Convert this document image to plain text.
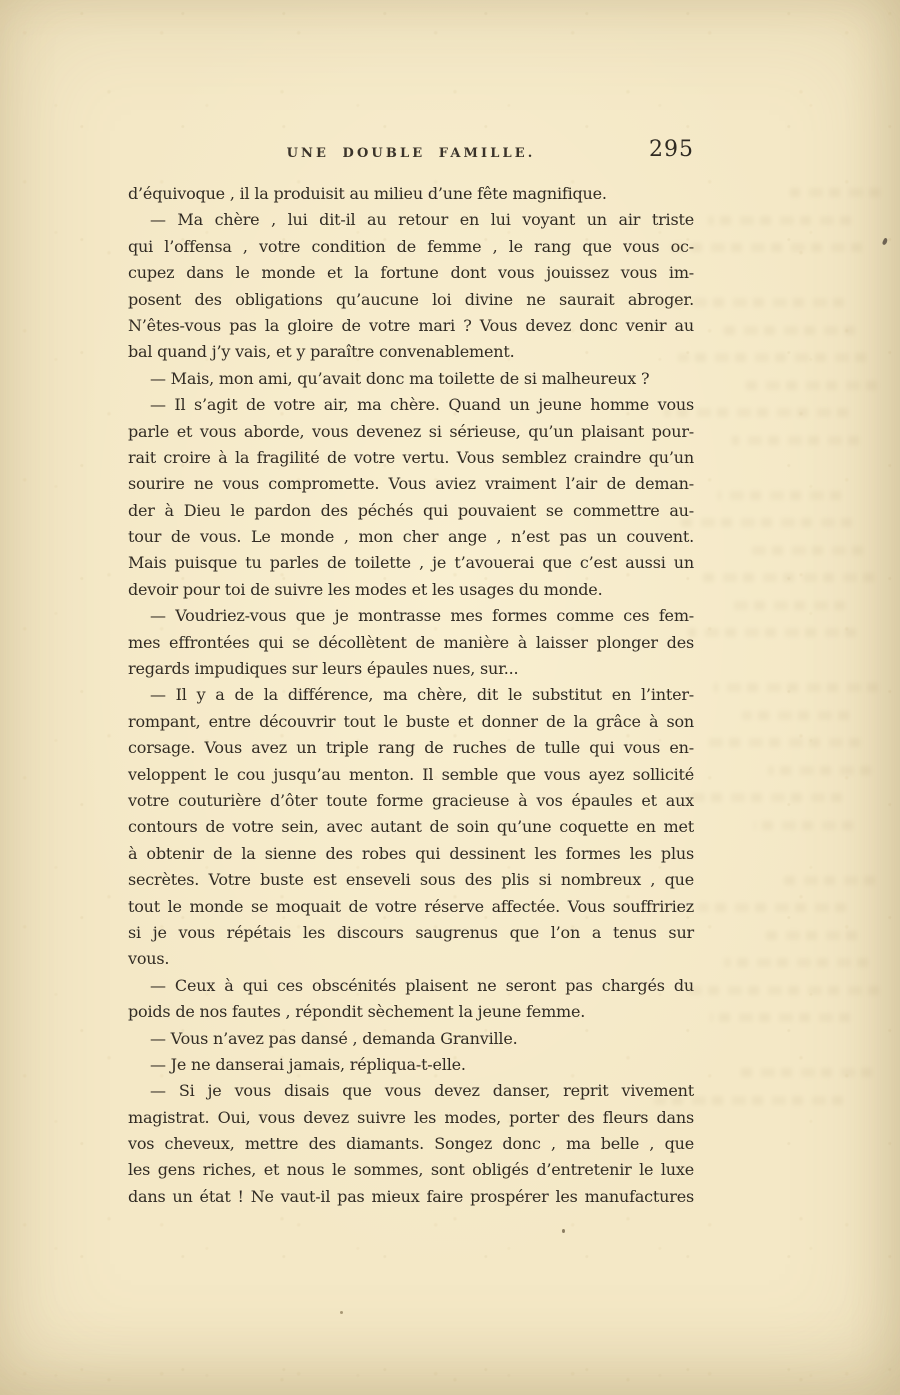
UNE DOUBLE FAMILLE.	295
d’équivoque , il la produisit au milieu d’une fête magnifique.
— Ma chère , lui dit-il au retour en lui voyant un air triste
qui l’offensa , votre condition de femme , le rang que vous oc-
cupez dans le monde et la fortune dont vous jouissez vous im-
posent des obligations qu’aucune loi divine ne saurait abroger.
N’êtes-vous pas la gloire de votre mari ? Vous devez donc venir au
bal quand j’y vais, et y paraître convenablement.
— Mais, mon ami, qu’avait donc ma toilette de si malheureux ?
— Il s’agit de votre air, ma chère. Quand un jeune homme vous
parle et vous aborde, vous devenez si sérieuse, qu’un plaisant pour-
rait croire à la fragilité de votre vertu. Vous semblez craindre qu’un
sourire ne vous compromette. Vous aviez vraiment l’air de deman-
der à Dieu le pardon des péchés qui pouvaient se commettre au-
tour de vous. Le monde , mon cher ange , n’est pas un couvent.
Mais puisque tu parles de toilette , je t’avouerai que c’est aussi un
devoir pour toi de suivre les modes et les usages du monde.
— Voudriez-vous que je montrasse mes formes comme ces fem-
mes effrontées qui se décollètent de manière à laisser plonger des
regards impudiques sur leurs épaules nues, sur...
— Il y a de la différence, ma chère, dit le substitut en l’inter-
rompant, entre découvrir tout le buste et donner de la grâce à son
corsage. Vous avez un triple rang de ruches de tulle qui vous en-
veloppent le cou jusqu’au menton. Il semble que vous ayez sollicité
votre couturière d’ôter toute forme gracieuse à vos épaules et aux
contours de votre sein, avec autant de soin qu’une coquette en met
à obtenir de la sienne des robes qui dessinent les formes les plus
secrètes. Votre buste est enseveli sous des plis si nombreux , que
tout le monde se moquait de votre réserve affectée. Vous souffririez
si je vous répétais les discours saugrenus que l’on a tenus sur
vous.
— Ceux à qui ces obscénités plaisent ne seront pas chargés du
poids de nos fautes , répondit sèchement la jeune femme.
— Vous n’avez pas dansé , demanda Granville.
— Je ne danserai jamais, répliqua-t-elle.
— Si je vous disais que vous devez danser, reprit vivement
magistrat. Oui, vous devez suivre les modes, porter des fleurs dans
vos cheveux, mettre des diamants. Songez donc , ma belle , que
les gens riches, et nous le sommes, sont obligés d’entretenir le luxe
dans un état ! Ne vaut-il pas mieux faire prospérer les manufactures
